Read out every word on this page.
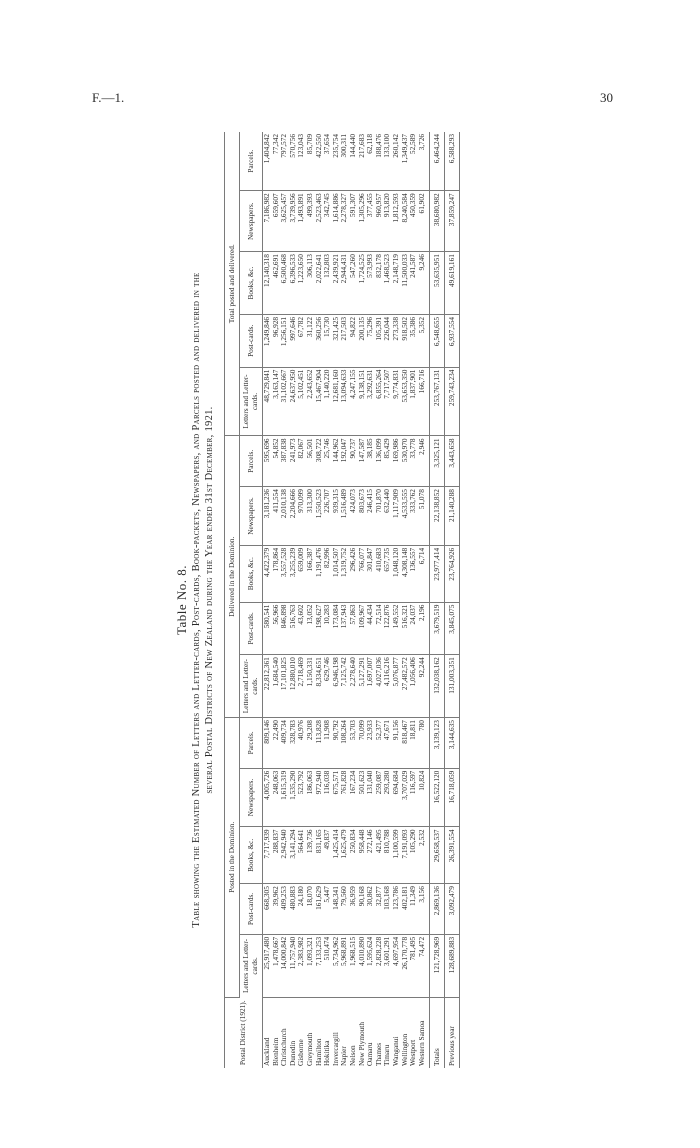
F.—1.	30
Table No. 8. Table showing the Estimated Number of Letters and Letter-cards, Post-cards, Book-packets, Newspapers, and Parcels posted and delivered in the several Postal Districts of New Zealand during the Year ended 31st December, 1921.
Postal District (1921).	Posted in the Dominion.					Delivered in the Dominion.					Total posted and delivered.				
	Letters and Letter-cards.	Post-cards.	Books, &c.	Newspapers.	Parcels.	Letters and Letter-cards.	Post-cards.	Books, &c.	Newspapers.	Parcels.	Letters and Letter-cards.	Post-cards.	Books, &c.	Newspapers.	Parcels.
Auckland	25,917,480	668,305	7,717,939	4,005,726	809,146	22,812,361	580,541	4,422,379	3,181,236	595,696	48,729,841	1,249,846	12,140,318	7,186,982	1,404,842
Blenheim	1,478,667	39,962	288,837	248,063	22,490	1,684,540	56,966	178,864	411,554	54,852	3,163,147	96,928	462,691	659,607	77,342
Christchurch	14,000,842	409,253	2,942,940	1,615,319	409,734	17,101,825	846,898	3,557,528	2,010,138	387,838	31,102,667	1,256,151	6,500,468	3,625,457	797,572
Dunedin	11,757,940	480,883	3,141,294	1,535,290	328,783	12,880,010	516,763	3,255,239	2,204,666	241,973	24,637,950	997,646	6,396,533	3,739,956	570,756
Gisborne	2,383,982	24,180	564,641	523,792	40,976	2,718,469	43,602	659,009	970,099	82,067	5,102,451	67,782	1,223,650	1,493,891	123,043
Greymouth	1,093,321	18,070	139,736	186,063	29,208	1,150,331	13,052	166,387	313,300	56,501	2,243,652	31,122	306,113	499,393	85,709
Hamilton	7,133,253	161,629	831,165	972,940	113,828	8,334,651	198,627	1,191,476	1,550,523	308,722	15,467,904	360,256	2,022,641	2,523,463	422,550
Hokitika	510,474	5,447	49,837	116,038	11,908	629,746	10,283	82,996	226,707	25,746	1,140,220	15,730	132,803	342,745	37,654
Invercargill	5,734,962	148,341	1,425,414	675,571	90,792	6,946,198	173,084	1,014,507	939,315	144,962	12,681,160	321,425	2,439,921	1,614,886	235,754
Napier	5,968,891	79,560	1,625,479	761,828	108,264	7,125,742	137,943	1,319,752	1,516,489	192,047	13,094,633	217,503	2,944,431	2,278,327	300,311
Nelson	1,968,515	36,959	250,834	167,234	53,703	2,278,640	57,863	296,426	424,073	90,737	4,247,155	94,822	547,260	591,307	144,440
New Plymouth	4,010,890	90,168	958,448	501,623	70,099	5,127,291	109,967	766,077	803,673	147,587	9,138,151	200,135	1,724,525	1,305,296	217,683
Oamaru	1,595,624	30,862	272,146	131,040	23,933	1,697,007	44,434	301,847	246,415	38,185	3,292,631	75,296	573,993	377,455	62,118
Thames	2,828,228	32,877	421,495	259,087	52,377	4,027,036	72,514	410,683	701,870	136,099	6,855,264	105,391	832,178	960,957	188,476
Timaru	3,601,291	103,168	810,788	293,280	47,671	4,116,216	122,876	657,735	632,440	85,429	7,717,507	226,044	1,468,523	913,820	133,100
Wanganui	4,697,954	123,786	1,100,599	694,684	91,156	5,076,877	149,552	1,048,120	1,117,909	169,986	9,774,831	273,338	2,148,719	1,812,593	260,142
Wellington	26,170,778	402,181	7,191,093	3,707,029	818,467	27,482,572	516,321	4,308,148	4,533,555	530,970	53,653,350	918,502	11,500,033	8,240,584	1,349,437
Westport	781,495	11,349	105,290	116,597	18,811	1,056,406	24,037	136,557	333,762	33,778	1,837,901	35,386	241,587	450,359	52,589
Western Samoa	74,472	3,156	2,532	10,824	780	92,244	2,196	6,714	51,078	2,946	166,716	5,352	9,246	61,902	3,726
Totals	121,728,969	2,869,136	29,658,537	16,522,120	3,139,123	132,038,162	3,679,519	23,977,414	22,138,852	3,325,121	253,767,131	6,548,655	53,635,951	38,680,982	6,464,244
Previous year	128,689,883	3,092,479	26,391,554	16,718,059	3,144,635	131,003,351	3,845,075	23,764,926	21,140,288	3,443,658	259,743,234	6,937,554	49,619,161	37,859,247	6,588,293
